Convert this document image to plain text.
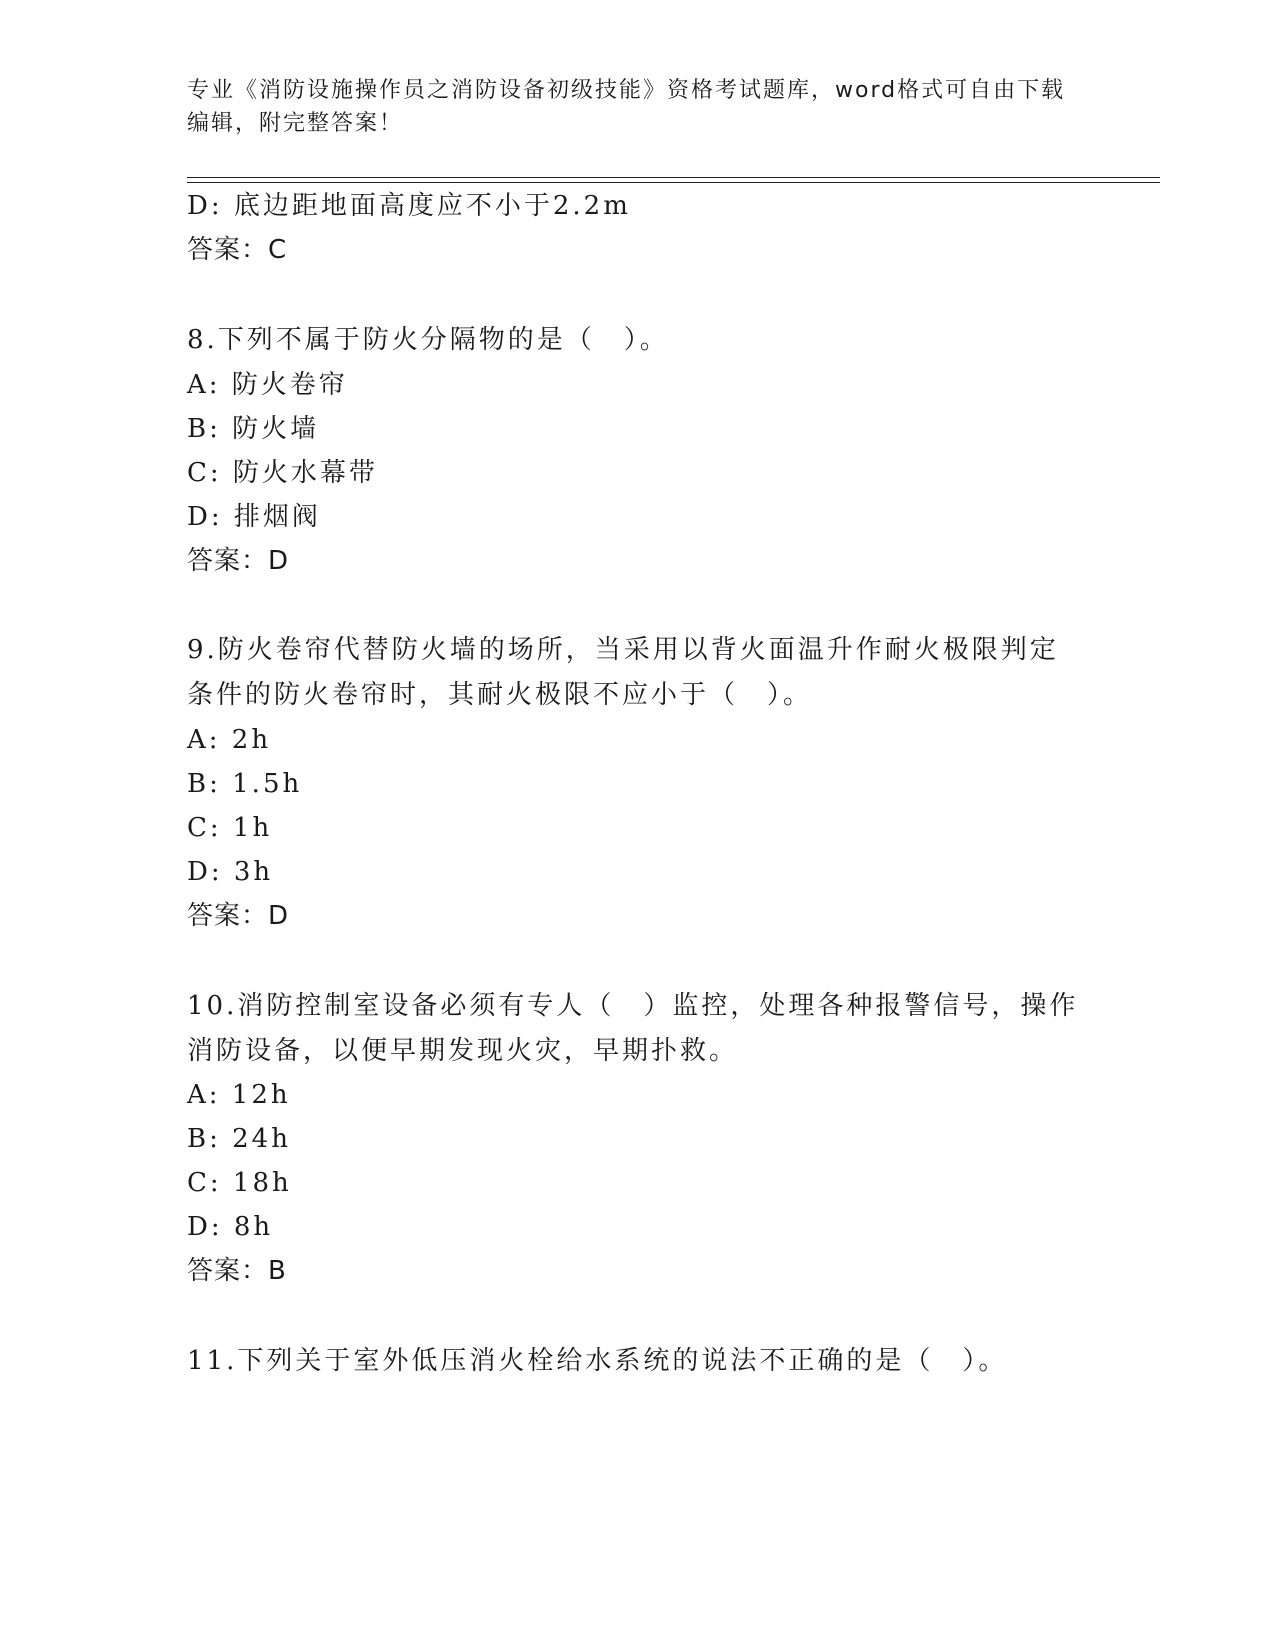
专业《消防设施操作员之消防设备初级技能》资格考试题库，word格式可自由下载编辑，附完整答案！
D: 底边距地面高度应不小于2.2m
答案：C
8.下列不属于防火分隔物的是（　）。
A: 防火卷帘
B: 防火墙
C: 防火水幕带
D: 排烟阀
答案：D
9.防火卷帘代替防火墙的场所，当采用以背火面温升作耐火极限判定
条件的防火卷帘时，其耐火极限不应小于（　）。
A: 2h
B: 1.5h
C: 1h
D: 3h
答案：D
10.消防控制室设备必须有专人（　）监控，处理各种报警信号，操作
消防设备，以便早期发现火灾，早期扑救。
A: 12h
B: 24h
C: 18h
D: 8h
答案：B
11.下列关于室外低压消火栓给水系统的说法不正确的是（　）。
